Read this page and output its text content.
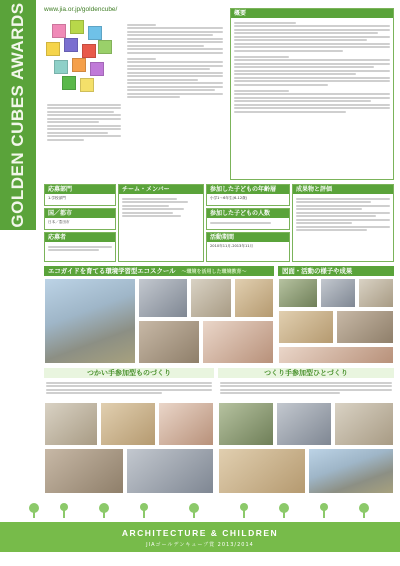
GOLDEN CUBES AWARDS ARCHITECTURE & CHILDREN
www.jia.or.jp/goldencube/
概要
応募部門
1.学校部門
国／都市
日本／豊田市
応募者
チーム・メンバー	参加した子どもの年齢層
小学1〜6年生(6-12歳)
参加した子どもの人数
活動期間
2010年11月-2013年11月
成果物と評価
エコガイドを育てる環境学習型エコスクール 〜環境を活用した環境教育〜	図面・活動の様子や成果
つかい手参加型ものづくり	つくり手参加型ひとづくり
ARCHITECTURE & CHILDREN
JIAゴールデンキューブ賞 2013/2014
